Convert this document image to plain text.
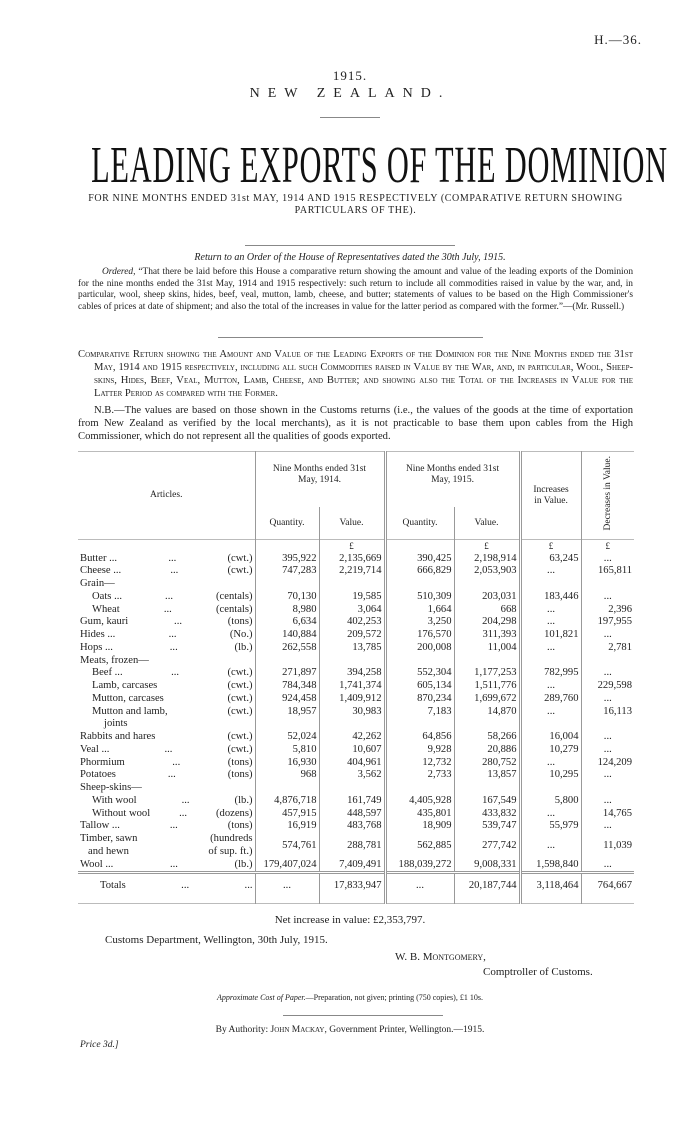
H.—36.
1915.
NEW ZEALAND.
LEADING EXPORTS OF THE DOMINION
FOR NINE MONTHS ENDED 31st MAY, 1914 AND 1915 RESPECTIVELY (COMPARATIVE RETURN SHOWING PARTICULARS OF THE).
Return to an Order of the House of Representatives dated the 30th July, 1915.
Ordered, “That there be laid before this House a comparative return showing the amount and value of the leading exports of the Dominion for the nine months ended the 31st May, 1914 and 1915 respectively: such return to include all commodities raised in value by the war, and, in particular, wool, sheep skins, hides, beef, veal, mutton, lamb, cheese, and butter; statements of values to be based on the High Commissioner's cables of prices at date of shipment; and also the total of the increases in value for the latter period as compared with the former.”—(Mr. Russell.)
Comparative Return showing the Amount and Value of the Leading Exports of the Dominion for the Nine Months ended the 31st May, 1914 and 1915 respectively, including all such Commodities raised in Value by the War, and, in particular, Wool, Sheep-skins, Hides, Beef, Veal, Mutton, Lamb, Cheese, and Butter; and showing also the Total of the Increases in Value for the Latter Period as compared with the Former.
N.B.—The values are based on those shown in the Customs returns (i.e., the values of the goods at the time of exportation from New Zealand as verified by the local merchants), as it is not practicable to base them upon cables from the High Commissioner, which do not represent all the qualities of goods exported.
Articles.	Nine Months ended 31st May, 1914.		Nine Months ended 31st May, 1915.		Increases in Value.	Decreases in Value.
	Quantity.	Value.	Quantity.	Value.		
		£		£	£	£

Butter ... ... (cwt.)	395,922	2,135,669	390,425	2,198,914	63,245	...

Cheese ... ... (cwt.)	747,283	2,219,714	666,829	2,053,903	...	165,811
Grain—						

Oats ... ... (centals)	70,130	19,585	510,309	203,031	183,446	...

Wheat ... (centals)	8,980	3,064	1,664	668	...	2,396

Gum, kauri ... (tons)	6,634	402,253	3,250	204,298	...	197,955

Hides ... ... (No.)	140,884	209,572	176,570	311,393	101,821	...

Hops ... ... (lb.)	262,558	13,785	200,008	11,004	...	2,781
Meats, frozen—						

Beef ... ... (cwt.)	271,897	394,258	552,304	1,177,253	782,995	...

Lamb, carcases (cwt.)	784,348	1,741,374	605,134	1,511,776	...	229,598

Mutton, carcases (cwt.)	924,458	1,409,912	870,234	1,699,672	289,760	...

Mutton and lamb, (cwt.)
joints	18,957	30,983	7,183	14,870	...	16,113

Rabbits and hares (cwt.)	52,024	42,262	64,856	58,266	16,004	...

Veal ... ... (cwt.)	5,810	10,607	9,928	20,886	10,279	...

Phormium ... (tons)	16,930	404,961	12,732	280,752	...	124,209

Potatoes ... (tons)	968	3,562	2,733	13,857	10,295	...
Sheep-skins—						

With wool ... (lb.)	4,876,718	161,749	4,405,928	167,549	5,800	...

Without wool ... (dozens)	457,915	448,597	435,801	433,832	...	14,765

Tallow ... ... (tons)	16,919	483,768	18,909	539,747	55,979	...

Timber, sawn (hundreds
and hewn of sup. ft.)	574,761	288,781	562,885	277,742	...	11,039

Wool ... ... (lb.)	179,407,024	7,409,491	188,039,272	9,008,331	1,598,840	...

Totals ... ...	...	17,833,947	...	20,187,744	3,118,464	764,667
Net increase in value: £2,353,797.
Customs Department, Wellington, 30th July, 1915.
W. B. Montgomery,
Comptroller of Customs.
Approximate Cost of Paper.—Preparation, not given; printing (750 copies), £1 10s.
By Authority: John Mackay, Government Printer, Wellington.—1915.
Price 3d.]
